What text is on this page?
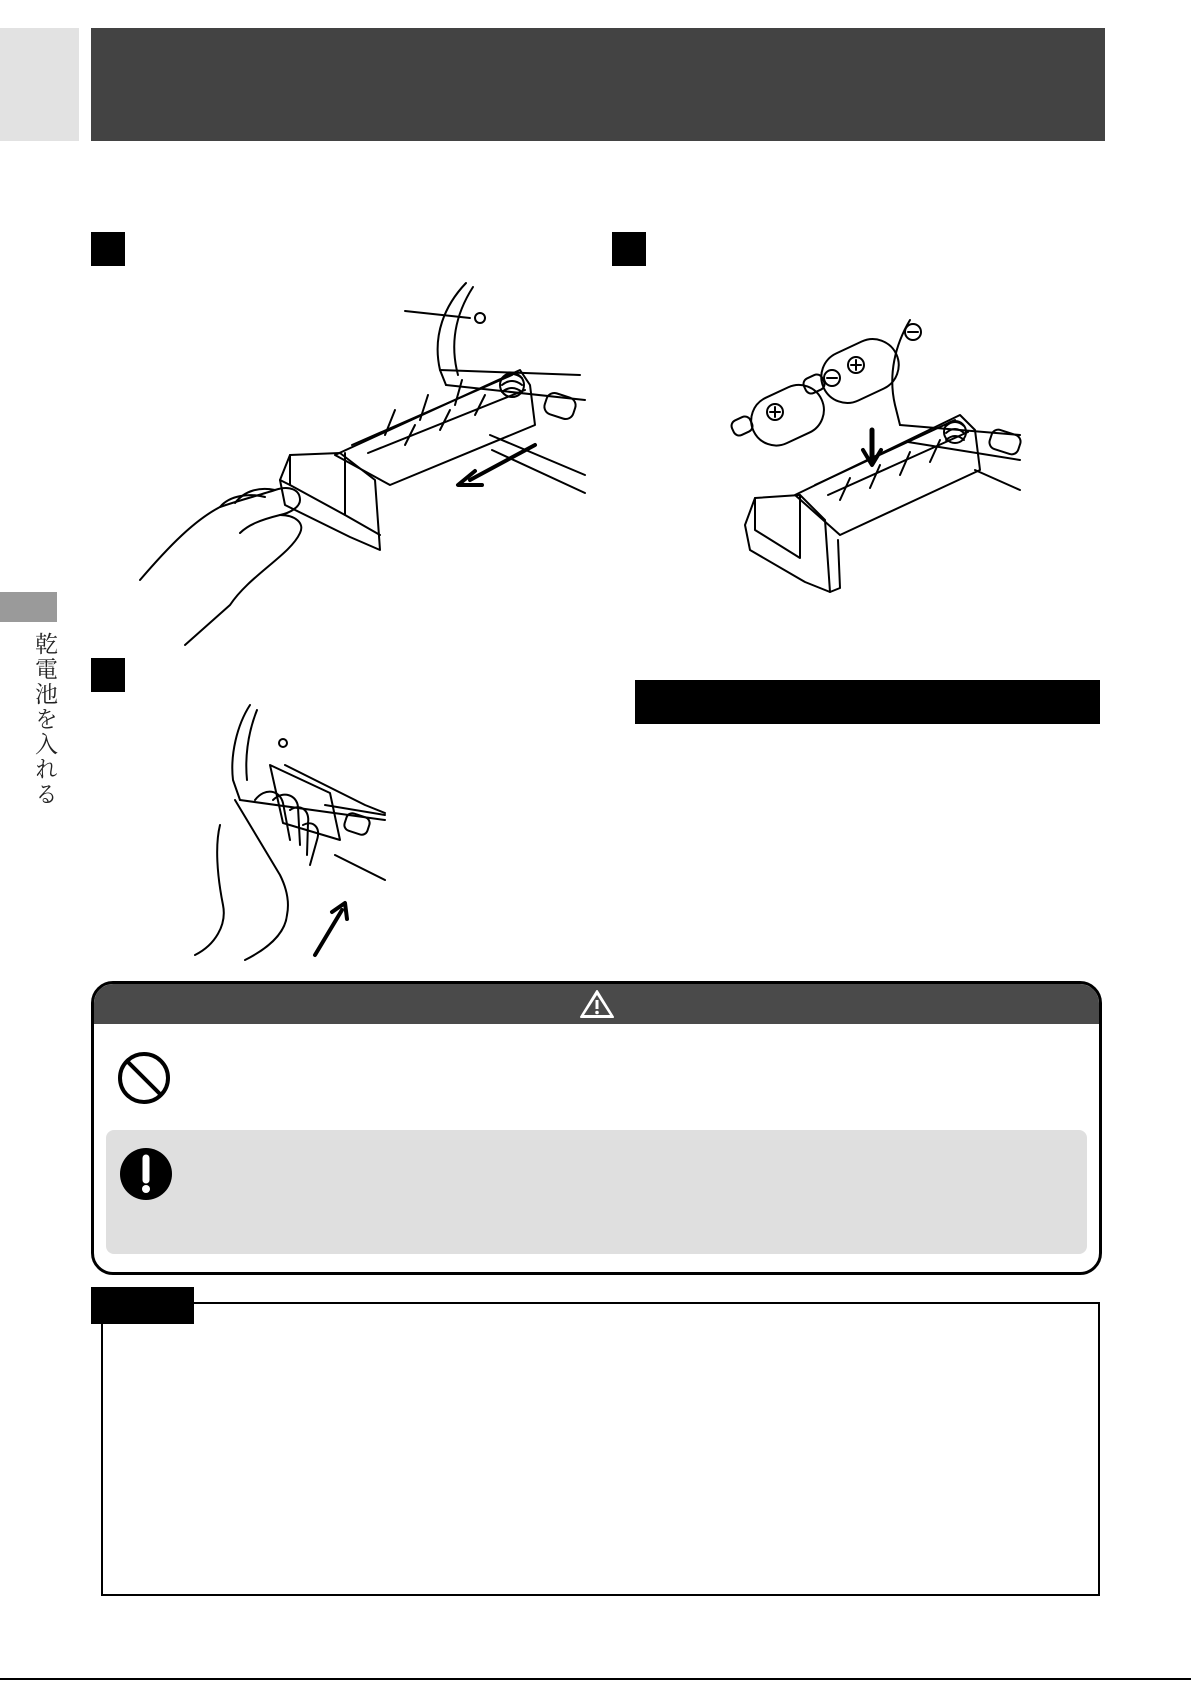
乾電池を入れる
